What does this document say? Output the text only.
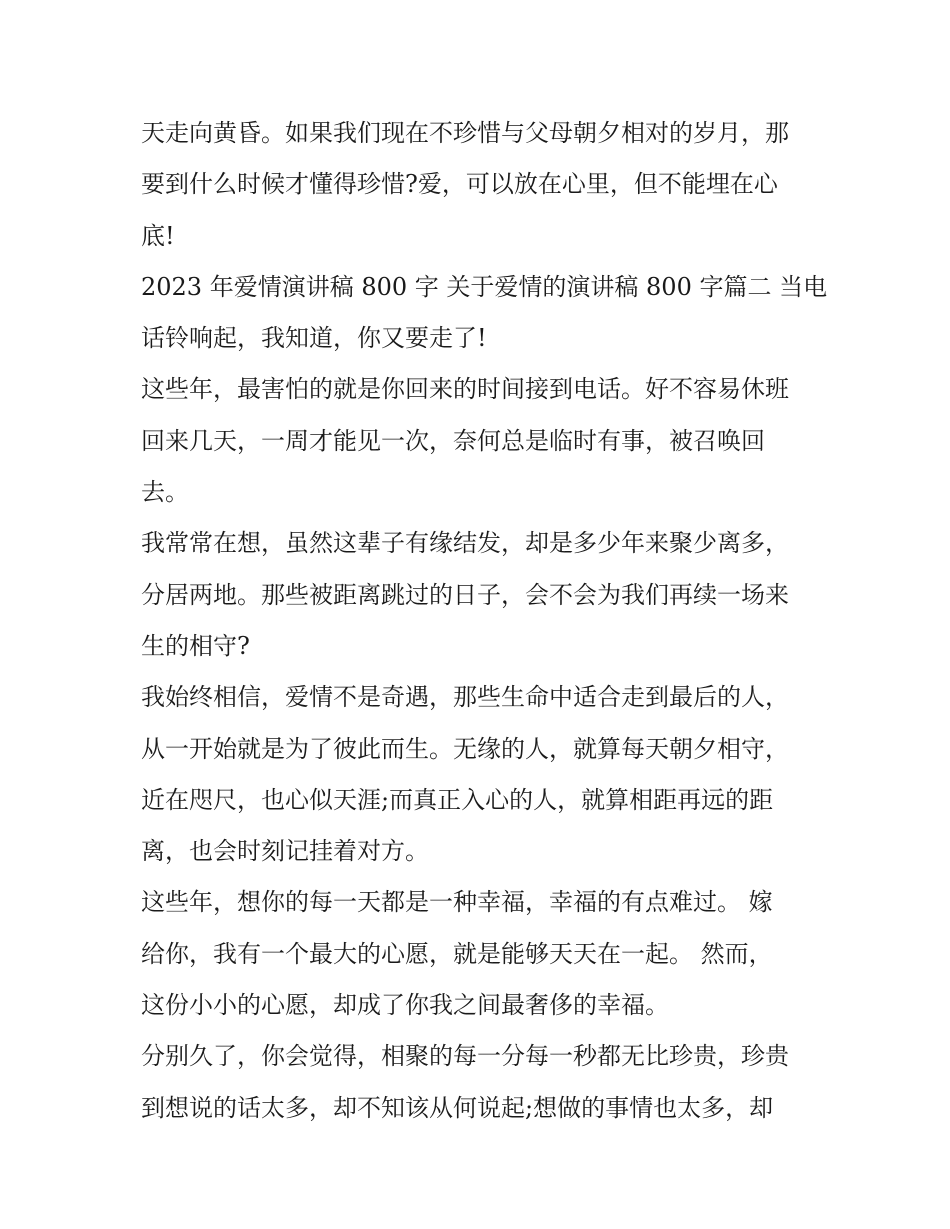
天走向黄昏。如果我们现在不珍惜与父母朝夕相对的岁月，那
要到什么时候才懂得珍惜?爱，可以放在心里，但不能埋在心
底!
2023 年爱情演讲稿 800 字 关于爱情的演讲稿 800 字篇二 当电
话铃响起，我知道，你又要走了!
这些年，最害怕的就是你回来的时间接到电话。好不容易休班
回来几天，一周才能见一次，奈何总是临时有事，被召唤回
去。
我常常在想，虽然这辈子有缘结发，却是多少年来聚少离多，
分居两地。那些被距离跳过的日子，会不会为我们再续一场来
生的相守?
我始终相信，爱情不是奇遇，那些生命中适合走到最后的人，
从一开始就是为了彼此而生。无缘的人，就算每天朝夕相守，
近在咫尺，也心似天涯;而真正入心的人，就算相距再远的距
离，也会时刻记挂着对方。
这些年，想你的每一天都是一种幸福，幸福的有点难过。 嫁
给你，我有一个最大的心愿，就是能够天天在一起。 然而，
这份小小的心愿，却成了你我之间最奢侈的幸福。
分别久了，你会觉得，相聚的每一分每一秒都无比珍贵，珍贵
到想说的话太多，却不知该从何说起;想做的事情也太多，却
